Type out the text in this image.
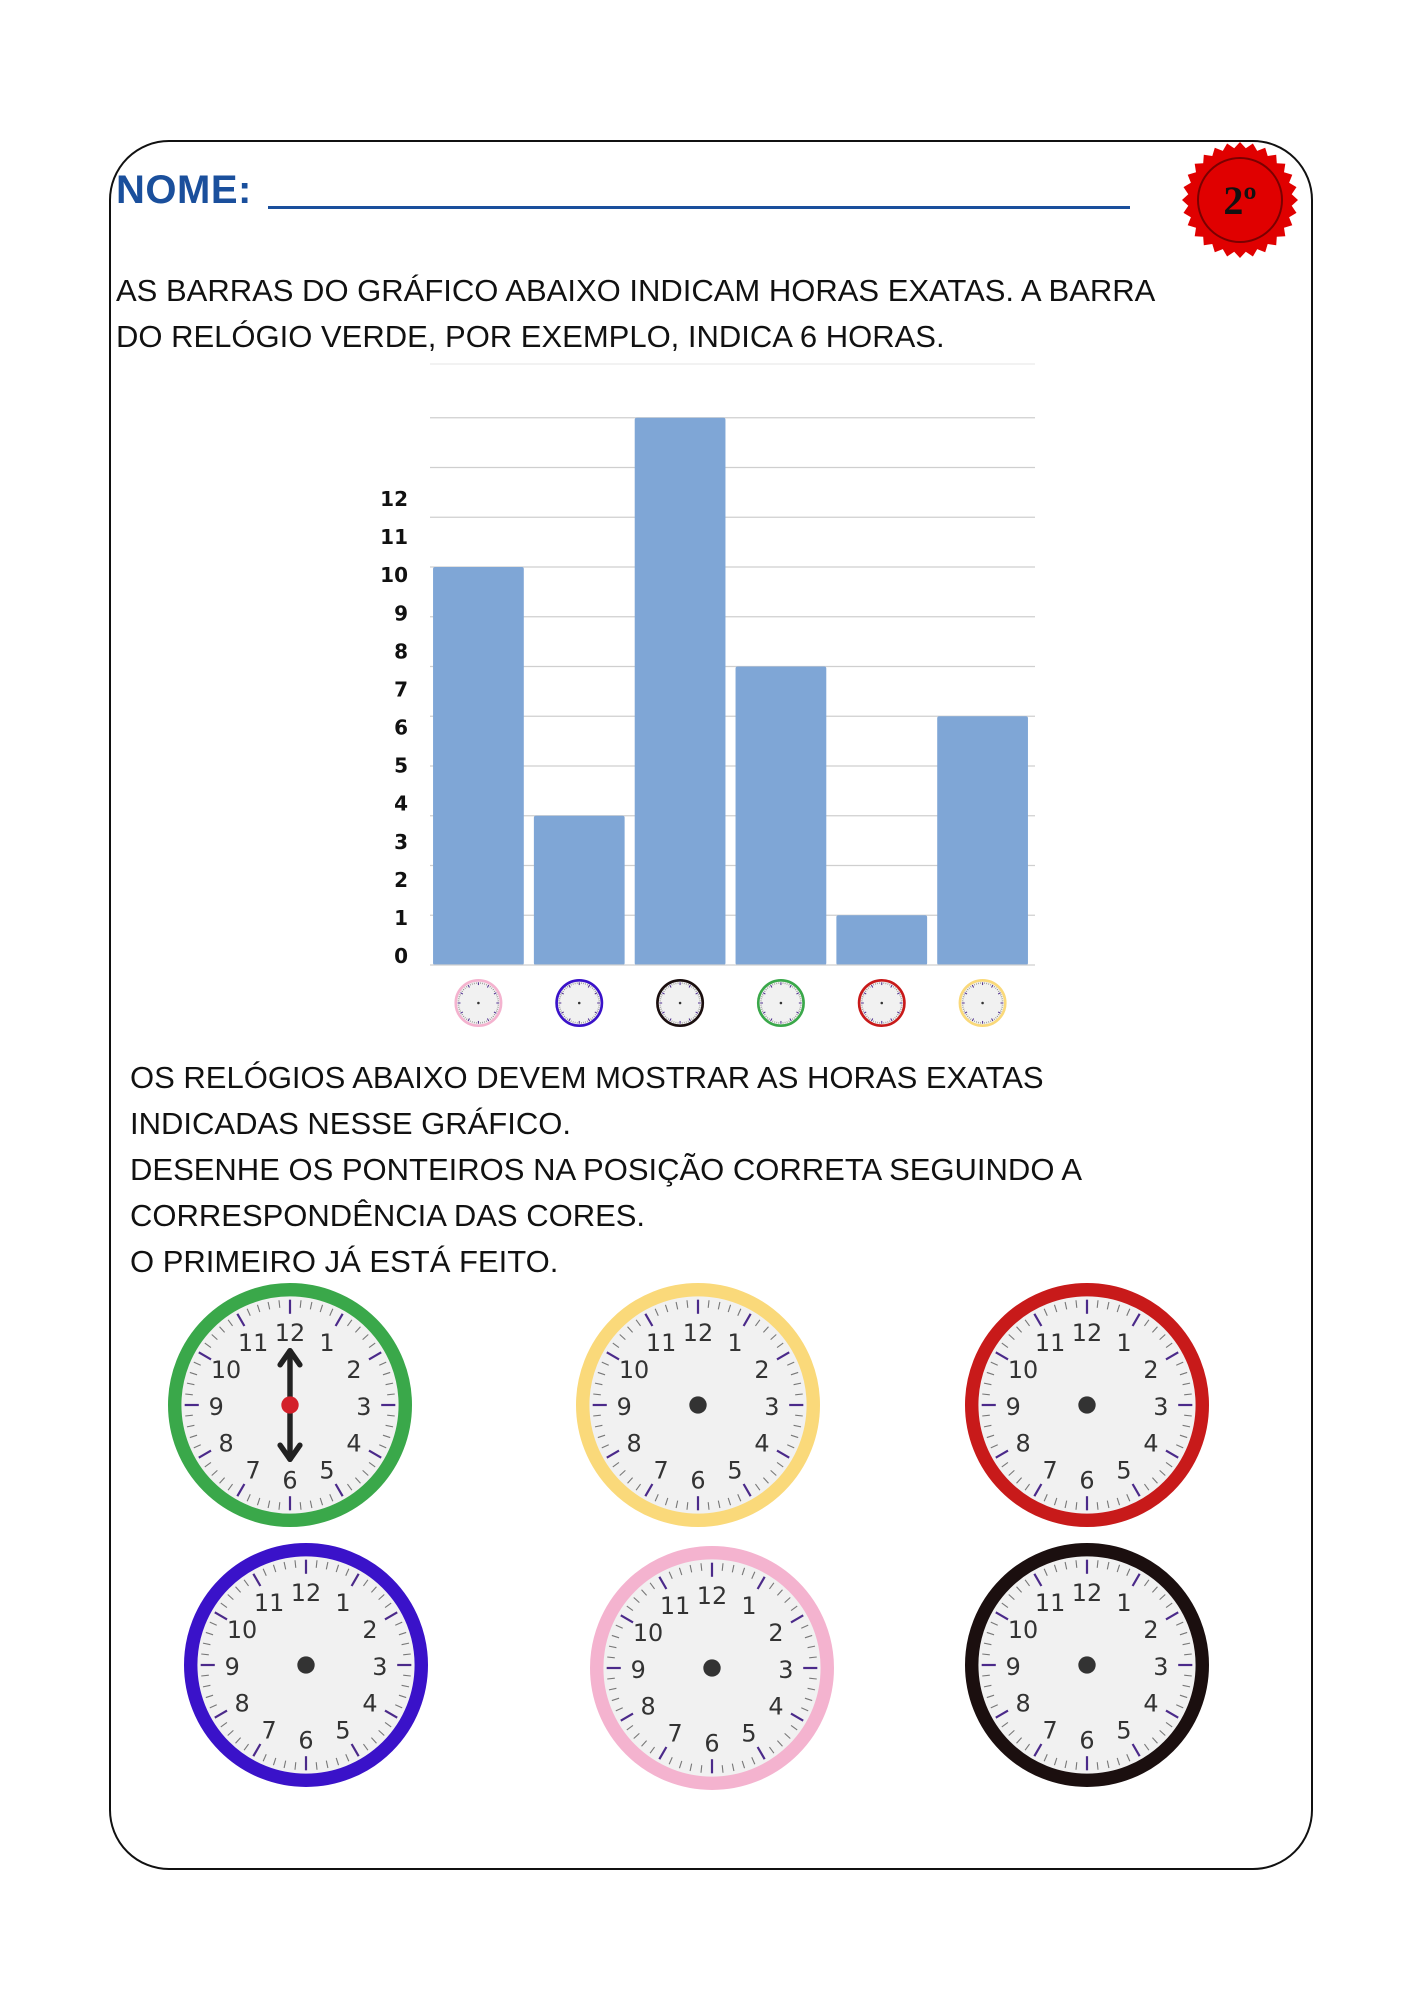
NOME:	2º

AS BARRAS DO GRÁFICO ABAIXO INDICAM HORAS EXATAS. A BARRA

DO RELÓGIO VERDE, POR EXEMPLO, INDICA 6 HORAS.

0
1
2
3
4
5
6
7
8
9
10
11
12

OS RELÓGIOS ABAIXO DEVEM MOSTRAR AS HORAS EXATAS

INDICADAS NESSE GRÁFICO.

DESENHE OS PONTEIROS NA POSIÇÃO CORRETA SEGUINDO A

CORRESPONDÊNCIA DAS CORES.

O PRIMEIRO JÁ ESTÁ FEITO.

12 1
2
3
4
5
6
7
8
9
10
11	12 1
2
3
4
5
6
7
8
9
10
11	12 1
2
3
4
5
6
7
8
9
10
11
12 1
2
3
4
5
6
7
8
9
10
11	12 1
2
3
4
5
6
7
8
9
10
11	12 1
2
3
4
5
6
7
8
9
10
11
